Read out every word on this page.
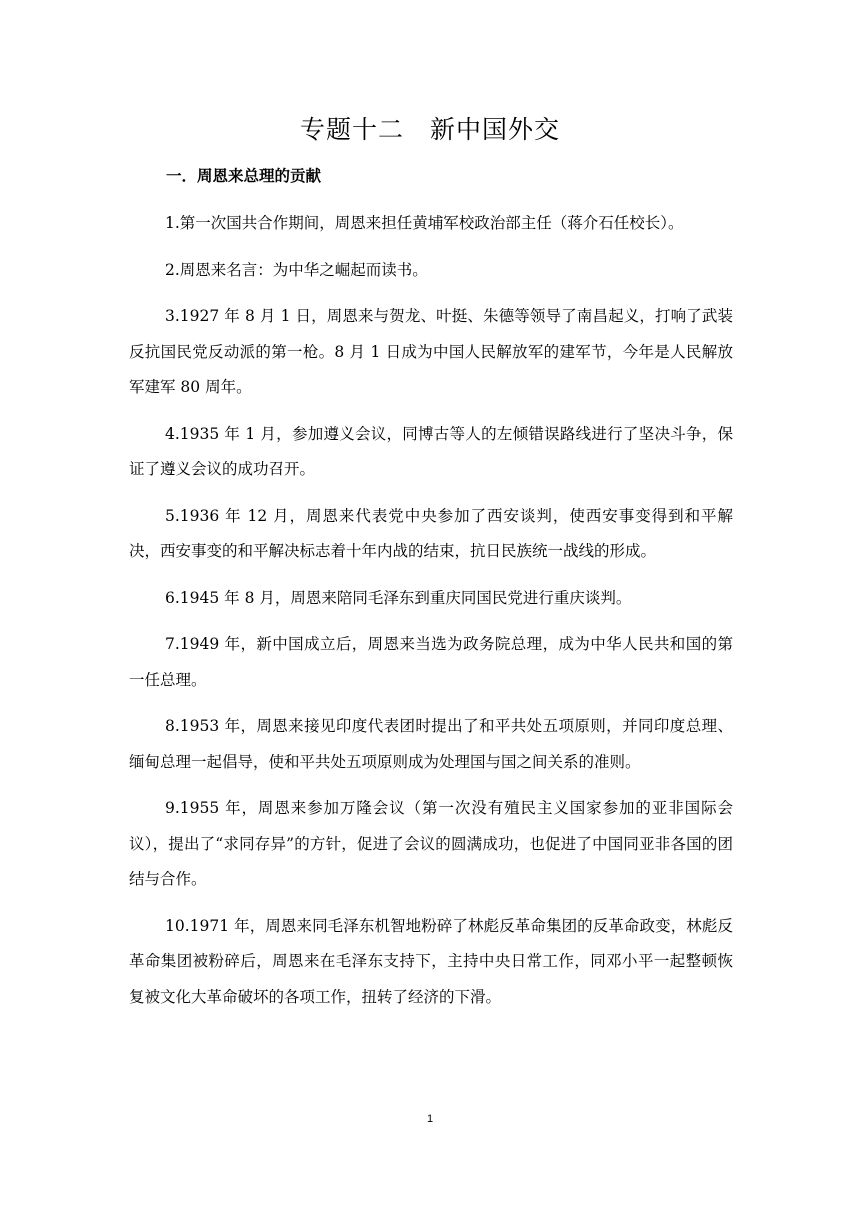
专题十二　新中国外交
一．周恩来总理的贡献

1.第一次国共合作期间，周恩来担任黄埔军校政治部主任（蒋介石任校长）。

2.周恩来名言：为中华之崛起而读书。

3.1927 年 8 月 1 日，周恩来与贺龙、叶挺、朱德等领导了南昌起义，打响了武装反抗国民党反动派的第一枪。8 月 1 日成为中国人民解放军的建军节，今年是人民解放军建军 80 周年。

4.1935 年 1 月，参加遵义会议，同博古等人的左倾错误路线进行了坚决斗争，保证了遵义会议的成功召开。

5.1936 年 12 月，周恩来代表党中央参加了西安谈判，使西安事变得到和平解决，西安事变的和平解决标志着十年内战的结束，抗日民族统一战线的形成。

6.1945 年 8 月，周恩来陪同毛泽东到重庆同国民党进行重庆谈判。

7.1949 年，新中国成立后，周恩来当选为政务院总理，成为中华人民共和国的第一任总理。

8.1953 年，周恩来接见印度代表团时提出了和平共处五项原则，并同印度总理、缅甸总理一起倡导，使和平共处五项原则成为处理国与国之间关系的准则。

9.1955 年，周恩来参加万隆会议（第一次没有殖民主义国家参加的亚非国际会议），提出了“求同存异”的方针，促进了会议的圆满成功，也促进了中国同亚非各国的团结与合作。

10.1971 年，周恩来同毛泽东机智地粉碎了林彪反革命集团的反革命政变，林彪反革命集团被粉碎后，周恩来在毛泽东支持下，主持中央日常工作，同邓小平一起整顿恢复被文化大革命破坏的各项工作，扭转了经济的下滑。

1
